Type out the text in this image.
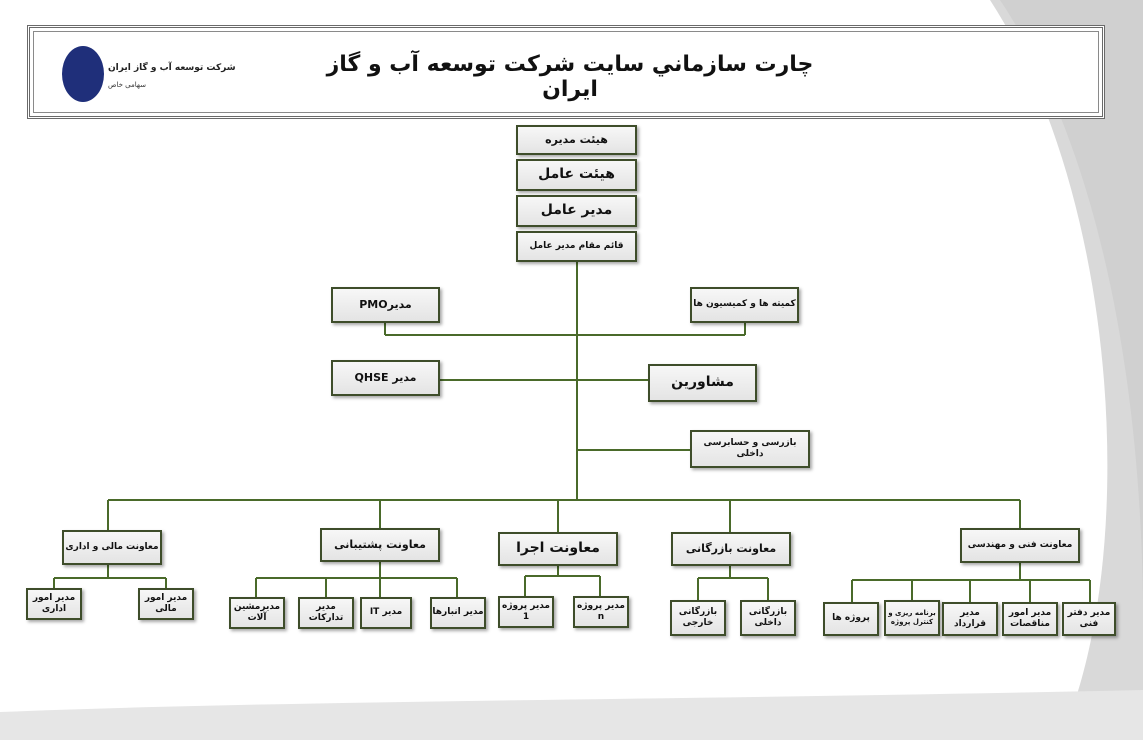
شرکت توسعه آب و گاز ایران
سهامی خاص
چارت سازماني سايت شركت توسعه آب و گاز ايران
هیئت مدیره
هیئت عامل
مدیر عامل
قائم مقام مدیر عامل
مدیرPMO	کمیته ها و کمیسیون ها
مدیر QHSE	مشاورین
بازرسی و حسابرسی داخلی
معاونت مالی و اداری	معاونت پشتیبانی	معاونت اجرا	معاونت بازرگانی	معاونت فنی و مهندسی
مدیر امور اداری
مدیر امور مالی	مدیرمشین آلات
مدیر تدارکات
مدیر IT	مدیر انبارها
مدیر پروژه 1
مدیر پروژه n
بازرگانی خارجی
بازرگانی داخلی	پروژه ها
برنامه ریزی و کنترل پروژه
مدیر قرارداد
مدیر امور مناقصات
مدیر دفتر فنی
